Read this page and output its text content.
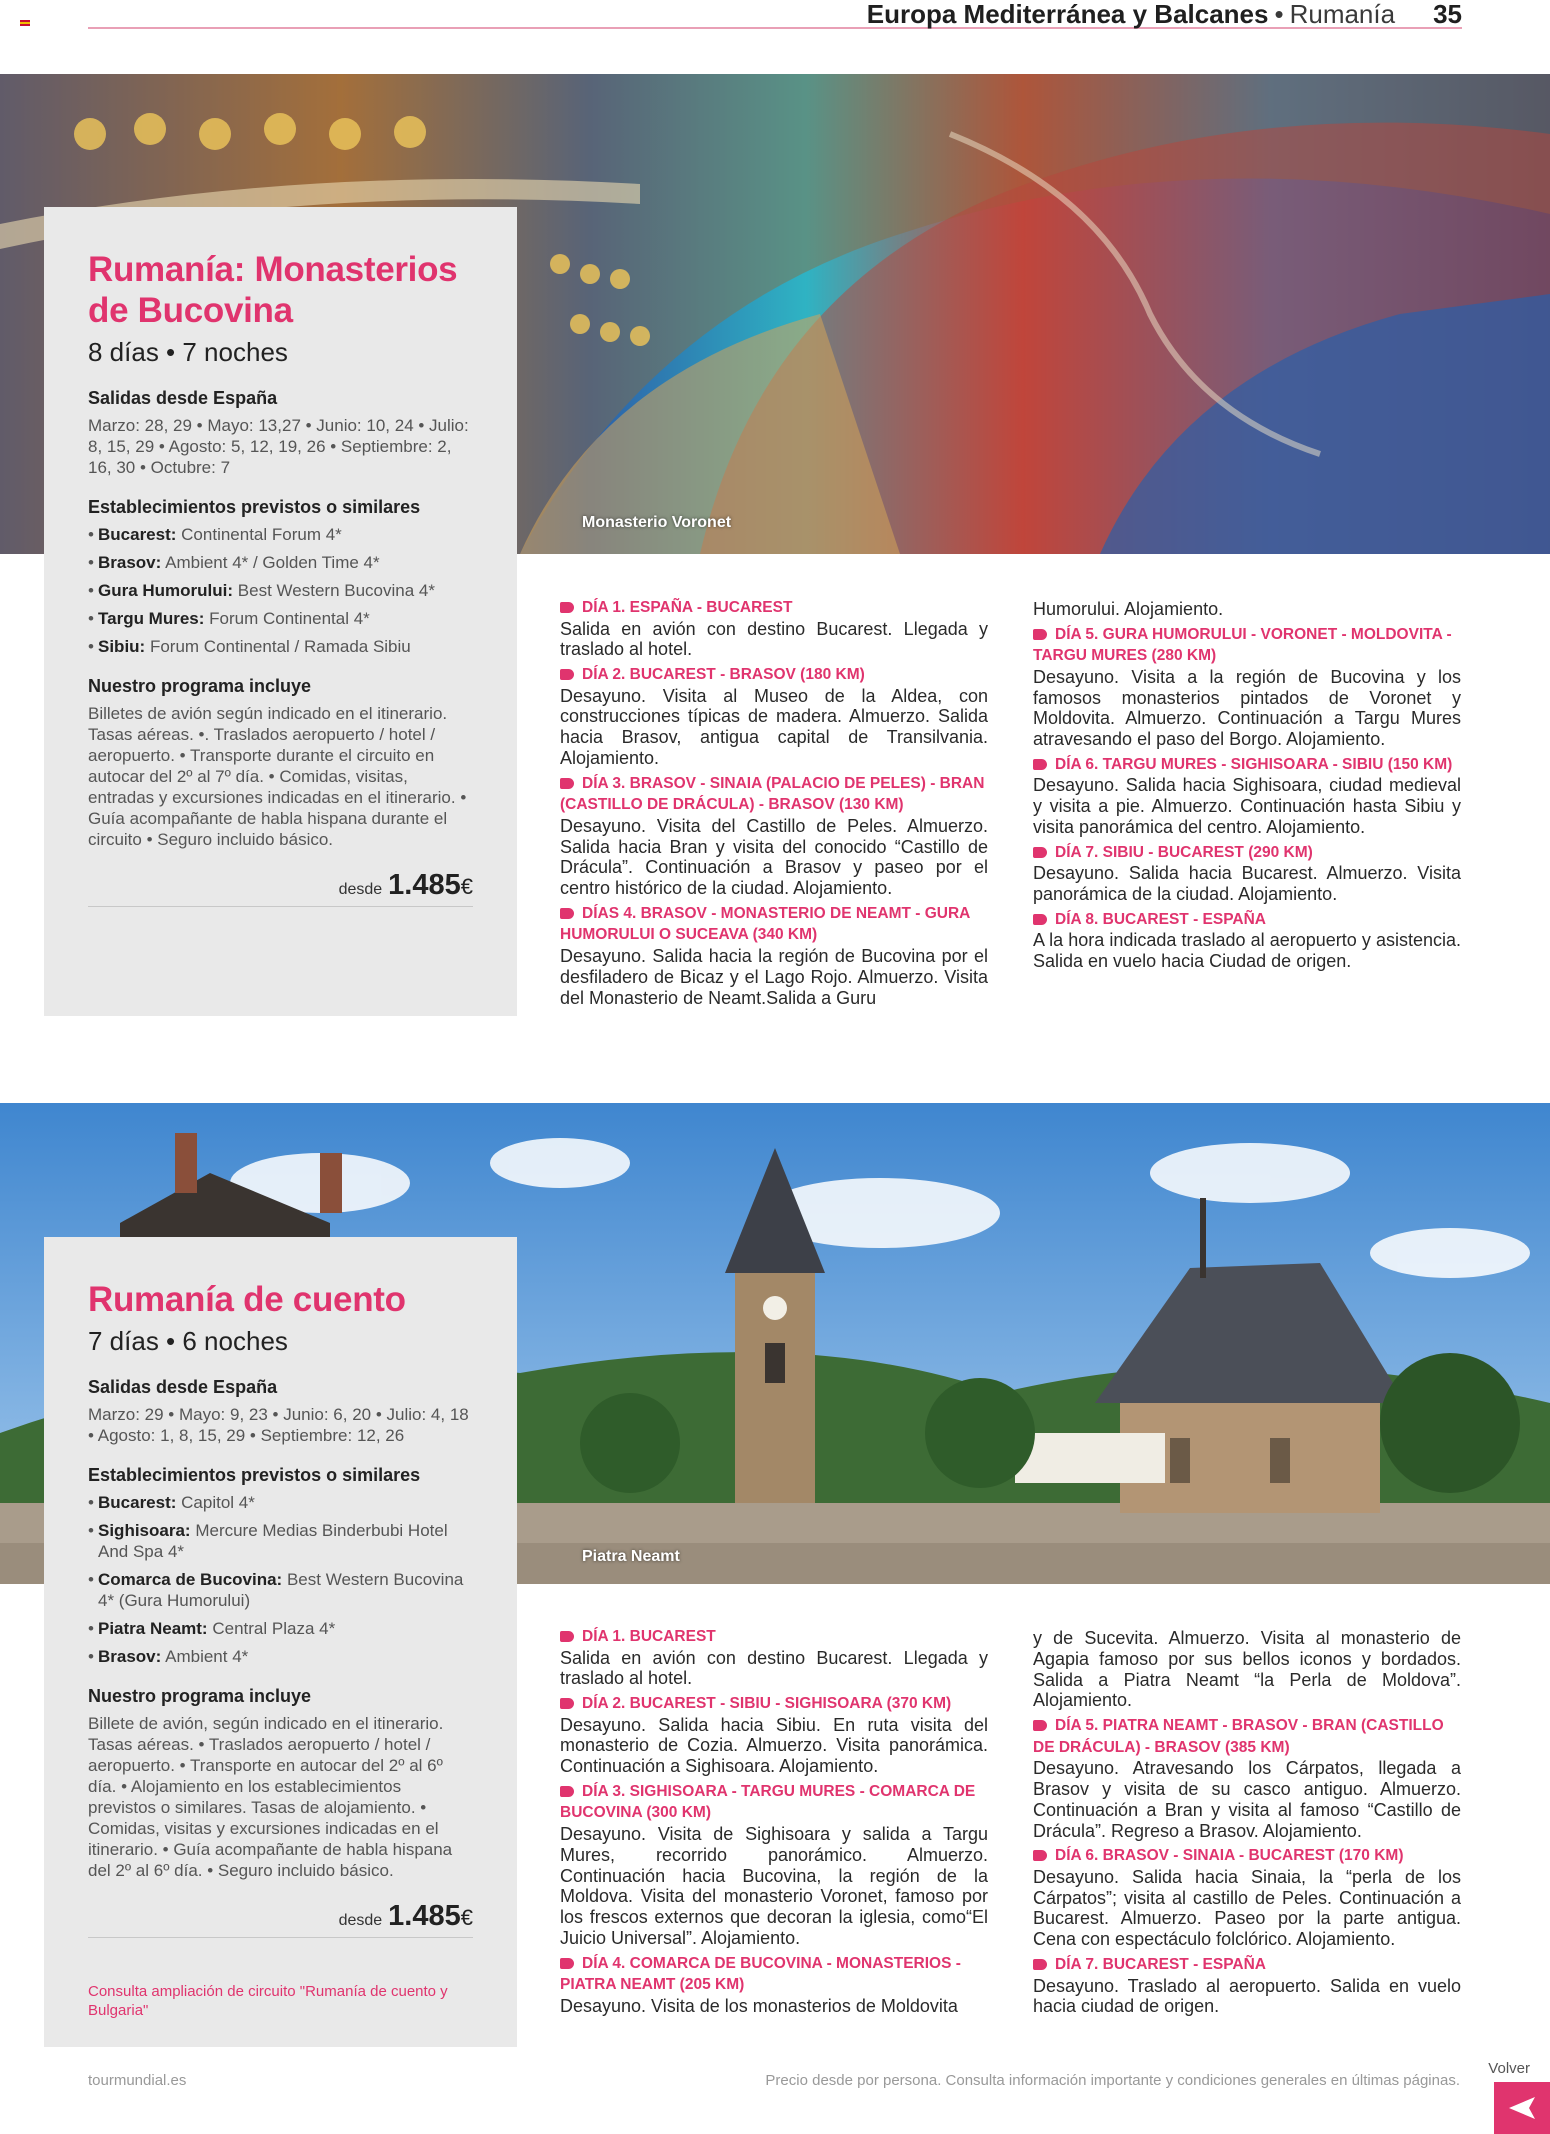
Europa Mediterránea y Balcanes • Rumanía 35
Monasterio Voronet
Rumanía: Monasterios de Bucovina
8 días • 7 noches
Salidas desde España

Marzo: 28, 29 • Mayo: 13,27 • Junio: 10, 24 • Julio: 8, 15, 29 • Agosto: 5, 12, 19, 26 • Septiembre: 2, 16, 30 • Octubre: 7

Establecimientos previstos o similares
• Bucarest: Continental Forum 4*
• Brasov: Ambient 4* / Golden Time 4*
• Gura Humorului: Best Western Bucovina 4*
• Targu Mures: Forum Continental 4*
• Sibiu: Forum Continental / Ramada Sibiu
Nuestro programa incluye

Billetes de avión según indicado en el itinerario. Tasas aéreas. •. Traslados aeropuerto / hotel / aeropuerto. • Transporte durante el circuito en autocar del 2º al 7º día. • Comidas, visitas, entradas y excursiones indicadas en el itinerario. • Guía acompañante de habla hispana durante el circuito • Seguro incluido básico.

desde 1.485€
DÍA 1. ESPAÑA - BUCAREST
Salida en avión con destino Bucarest. Llegada y traslado al hotel.
DÍA 2. BUCAREST - BRASOV (180 KM)
Desayuno. Visita al Museo de la Aldea, con construcciones típicas de madera. Almuerzo. Salida hacia Brasov, antigua capital de Transilvania. Alojamiento.
DÍA 3. BRASOV - SINAIA (PALACIO DE PELES) - BRAN (CASTILLO DE DRÁCULA) - BRASOV (130 KM)
Desayuno. Visita del Castillo de Peles. Almuerzo. Salida hacia Bran y visita del conocido “Castillo de Drácula”. Continuación a Brasov y paseo por el centro histórico de la ciudad. Alojamiento.
DÍAS 4. BRASOV - MONASTERIO DE NEAMT - GURA HUMORULUI O SUCEAVA (340 KM)
Desayuno. Salida hacia la región de Bucovina por el desfiladero de Bicaz y el Lago Rojo. Almuerzo. Visita del Monasterio de Neamt.Salida a Guru
Humorului. Alojamiento.
DÍA 5. GURA HUMORULUI - VORONET - MOLDOVITA - TARGU MURES (280 KM)
Desayuno. Visita a la región de Bucovina y los famosos monasterios pintados de Voronet y Moldovita. Almuerzo. Continuación a Targu Mures atravesando el paso del Borgo. Alojamiento.
DÍA 6. TARGU MURES - SIGHISOARA - SIBIU (150 KM)
Desayuno. Salida hacia Sighisoara, ciudad medieval y visita a pie. Almuerzo. Continuación hasta Sibiu y visita panorámica del centro. Alojamiento.
DÍA 7. SIBIU - BUCAREST (290 KM)
Desayuno. Salida hacia Bucarest. Almuerzo. Visita panorámica de la ciudad. Alojamiento.
DÍA 8. BUCAREST - ESPAÑA
A la hora indicada traslado al aeropuerto y asistencia. Salida en vuelo hacia Ciudad de origen.
Piatra Neamt
Rumanía de cuento
7 días • 6 noches
Salidas desde España

Marzo: 29 • Mayo: 9, 23 • Junio: 6, 20 • Julio: 4, 18 • Agosto: 1, 8, 15, 29 • Septiembre: 12, 26

Establecimientos previstos o similares
• Bucarest: Capitol 4*
• Sighisoara: Mercure Medias Binderbubi Hotel And Spa 4*
• Comarca de Bucovina: Best Western Bucovina 4* (Gura Humorului)
• Piatra Neamt: Central Plaza 4*
• Brasov: Ambient 4*
Nuestro programa incluye

Billete de avión, según indicado en el itinerario. Tasas aéreas. • Traslados aeropuerto / hotel / aeropuerto. • Transporte en autocar del 2º al 6º día. • Alojamiento en los establecimientos previstos o similares. Tasas de alojamiento. • Comidas, visitas y excursiones indicadas en el itinerario. • Guía acompañante de habla hispana del 2º al 6º día. • Seguro incluido básico.

desde 1.485€
Consulta ampliación de circuito "Rumanía de cuento y Bulgaria"
DÍA 1. BUCAREST
Salida en avión con destino Bucarest. Llegada y traslado al hotel.
DÍA 2. BUCAREST - SIBIU - SIGHISOARA (370 KM)
Desayuno. Salida hacia Sibiu. En ruta visita del monasterio de Cozia. Almuerzo. Visita panorámica. Continuación a Sighisoara. Alojamiento.
DÍA 3. SIGHISOARA - TARGU MURES - COMARCA DE BUCOVINA (300 KM)
Desayuno. Visita de Sighisoara y salida a Targu Mures, recorrido panorámico. Almuerzo. Continuación hacia Bucovina, la región de la Moldova. Visita del monasterio Voronet, famoso por los frescos externos que decoran la iglesia, como“El Juicio Universal”. Alojamiento.
DÍA 4. COMARCA DE BUCOVINA - MONASTERIOS - PIATRA NEAMT (205 KM)
Desayuno. Visita de los monasterios de Moldovita
y de Sucevita. Almuerzo. Visita al monasterio de Agapia famoso por sus bellos iconos y bordados. Salida a Piatra Neamt “la Perla de Moldova”. Alojamiento.
DÍA 5. PIATRA NEAMT - BRASOV - BRAN (CASTILLO DE DRÁCULA) - BRASOV (385 KM)
Desayuno. Atravesando los Cárpatos, llegada a Brasov y visita de su casco antiguo. Almuerzo. Continuación a Bran y visita al famoso “Castillo de Drácula”. Regreso a Brasov. Alojamiento.
DÍA 6. BRASOV - SINAIA - BUCAREST (170 KM)
Desayuno. Salida hacia Sinaia, la “perla de los Cárpatos”; visita al castillo de Peles. Continuación a Bucarest. Almuerzo. Paseo por la parte antigua. Cena con espectáculo folclórico. Alojamiento.
DÍA 7. BUCAREST - ESPAÑA
Desayuno. Traslado al aeropuerto. Salida en vuelo hacia ciudad de origen.
tourmundial.es	Precio desde por persona. Consulta información importante y condiciones generales en últimas páginas.
Volver
